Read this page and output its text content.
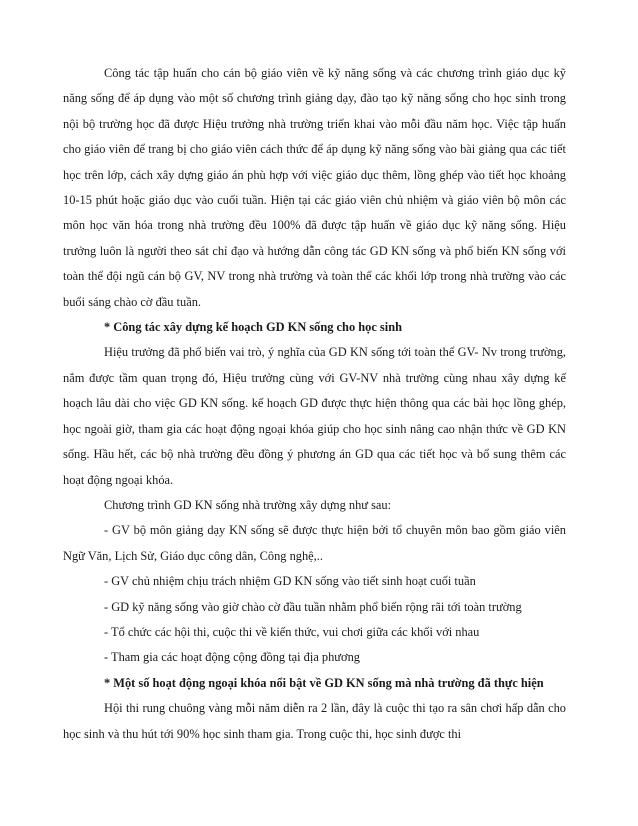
Công tác tập huấn cho cán bộ giáo viên về kỹ năng sống và các chương trình giáo dục kỹ năng sống để áp dụng vào một số chương trình giảng dạy, đào tạo kỹ năng sống cho học sinh trong nội bộ trường học đã được Hiệu trưởng nhà trường triển khai vào mỗi đầu năm học. Việc tập huấn cho giáo viên để trang bị cho giáo viên cách thức để áp dụng kỹ năng sống vào bài giảng qua các tiết học trên lớp, cách xây dựng giáo án phù hợp với việc giáo dục thêm, lồng ghép vào tiết học khoảng 10-15 phút hoặc giáo dục vào cuối tuần. Hiện tại các giáo viên chủ nhiệm và giáo viên bộ môn các môn học văn hóa trong nhà trường đều 100% đã được tập huấn về giáo dục kỹ năng sống. Hiệu trưởng luôn là người theo sát chỉ đạo và hướng dẫn công tác GD KN sống và phổ biến KN sống với toàn thể đội ngũ cán bộ GV, NV trong nhà trường và toàn thể các khối lớp trong nhà trường vào các buổi sáng chào cờ đầu tuần.

* Công tác xây dựng kế hoạch GD KN sống cho học sinh

Hiệu trưởng đã phổ biến vai trò, ý nghĩa của GD KN sống tới toàn thể GV- Nv trong trường, nắm được tầm quan trọng đó, Hiệu trưởng cùng với GV-NV nhà trường cùng nhau xây dựng kế hoạch lâu dài cho việc GD KN sống. kế hoạch GD được thực hiện thông qua các bài học lồng ghép, học ngoài giờ, tham gia các hoạt động ngoại khóa giúp cho học sinh nâng cao nhận thức về GD KN sống. Hầu hết, các bộ nhà trường đều đồng ý phương án GD qua các tiết học và bổ sung thêm các hoạt động ngoại khóa.

Chương trình GD KN sống nhà trường xây dựng như sau:

- GV bộ môn giảng dạy KN sống sẽ được thực hiện bởi tổ chuyên môn bao gồm giáo viên Ngữ Văn, Lịch Sử, Giáo dục công dân, Công nghệ,..

- GV chủ nhiệm chịu trách nhiệm GD KN sống vào tiết sinh hoạt cuối tuần

- GD kỹ năng sống vào giờ chào cờ đầu tuần nhằm phổ biến rộng rãi tới toàn trường

- Tổ chức các hội thi, cuộc thi về kiến thức, vui chơi giữa các khối với nhau

- Tham gia các hoạt động cộng đồng tại địa phương

* Một số hoạt động ngoại khóa nổi bật về GD KN sống mà nhà trường đã thực hiện

Hội thi rung chuông vàng mỗi năm diễn ra 2 lần, đây là cuộc thi tạo ra sân chơi hấp dẫn cho học sinh và thu hút tới 90% học sinh tham gia. Trong cuộc thi, học sinh được thi
